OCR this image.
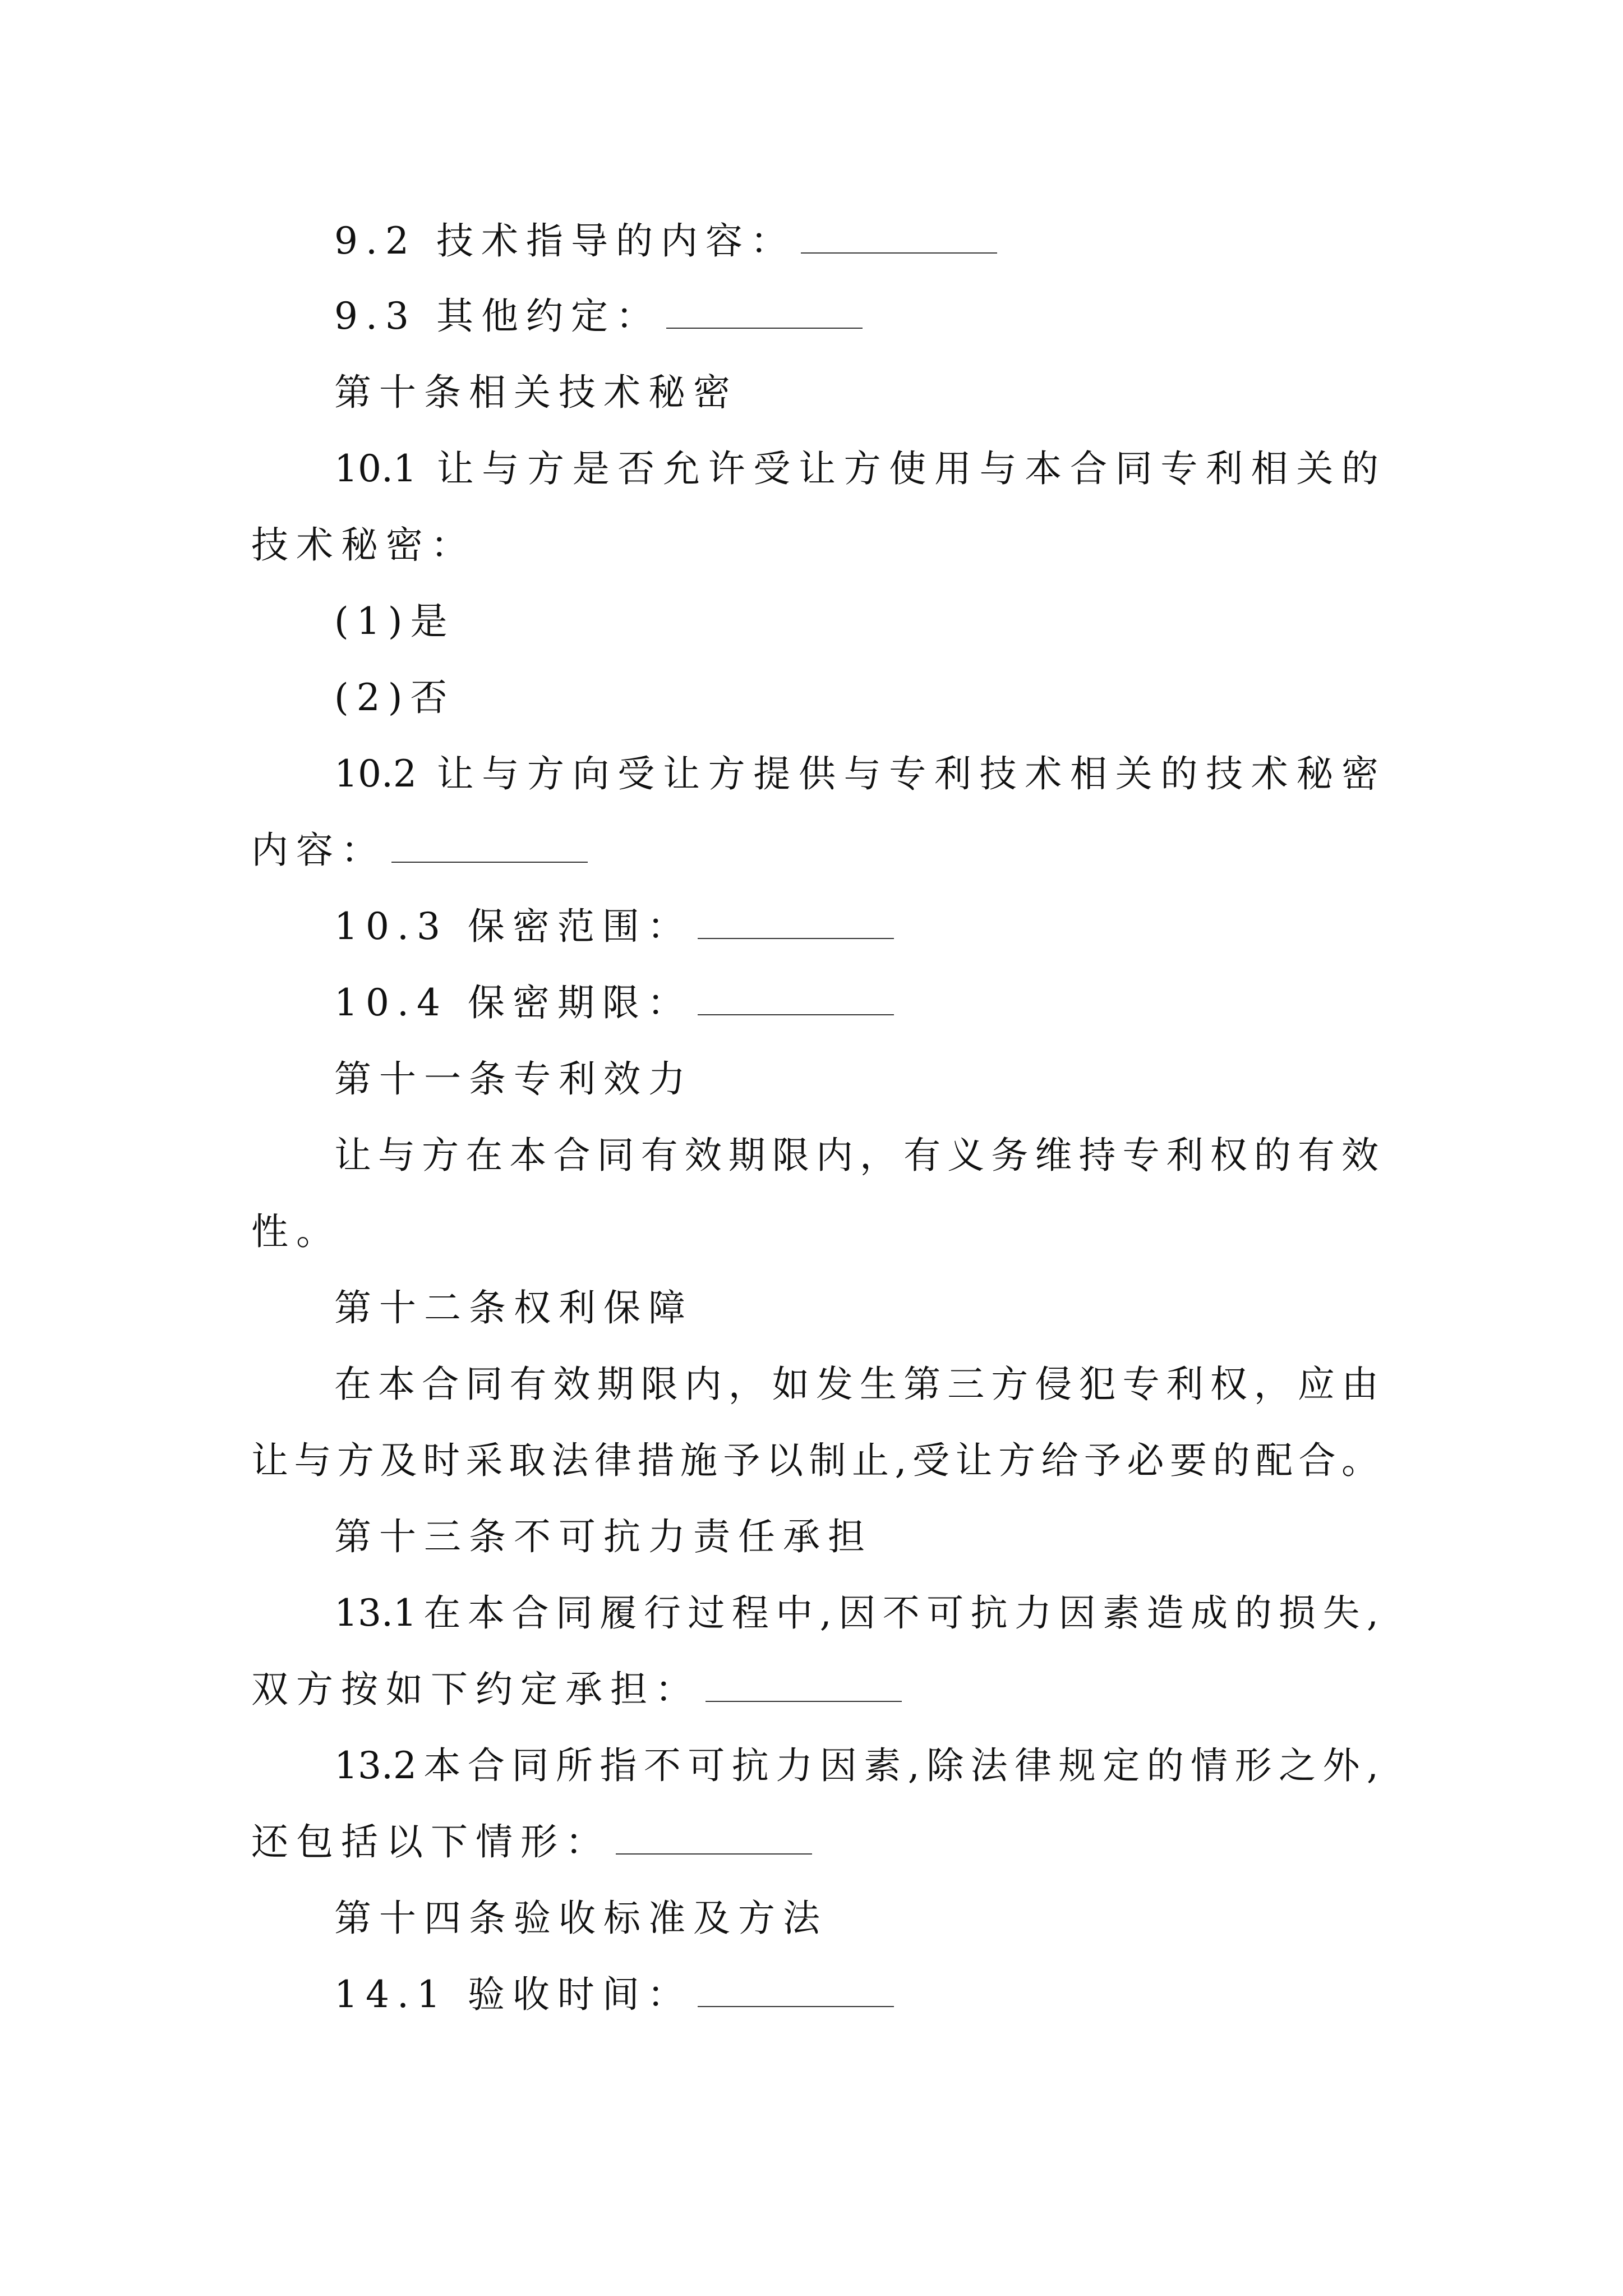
9.2 技术指导的内容：
9.3 其他约定：
第十条相关技术秘密
10.1 让与方是否允许受让方使用与本合同专利相关的
技术秘密：
(1)是
(2)否
10.2 让与方向受让方提供与专利技术相关的技术秘密
内容：
10.3 保密范围：
10.4 保密期限：
第十一条专利效力
让与方在本合同有效期限内，有义务维持专利权的有效
性。
第十二条权利保障
在本合同有效期限内，如发生第三方侵犯专利权，应由
让与方及时采取法律措施予以制止,受让方给予必要的配合。
第十三条不可抗力责任承担
13.1在本合同履行过程中,因不可抗力因素造成的损失,
双方按如下约定承担：
13.2本合同所指不可抗力因素,除法律规定的情形之外,
还包括以下情形：
第十四条验收标准及方法
14.1 验收时间：
